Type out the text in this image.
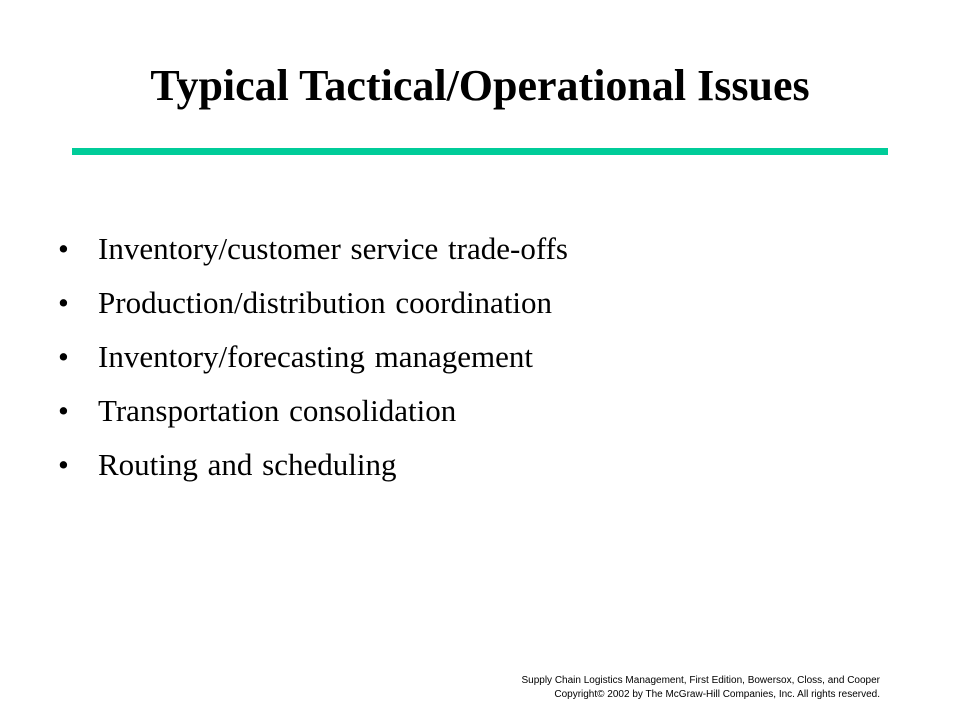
Typical Tactical/Operational Issues
• Inventory/customer service trade-offs
• Production/distribution coordination
• Inventory/forecasting management
• Transportation consolidation
• Routing and scheduling
Supply Chain Logistics Management, First Edition, Bowersox, Closs, and Cooper
Copyright© 2002 by The McGraw-Hill Companies, Inc. All rights reserved.
